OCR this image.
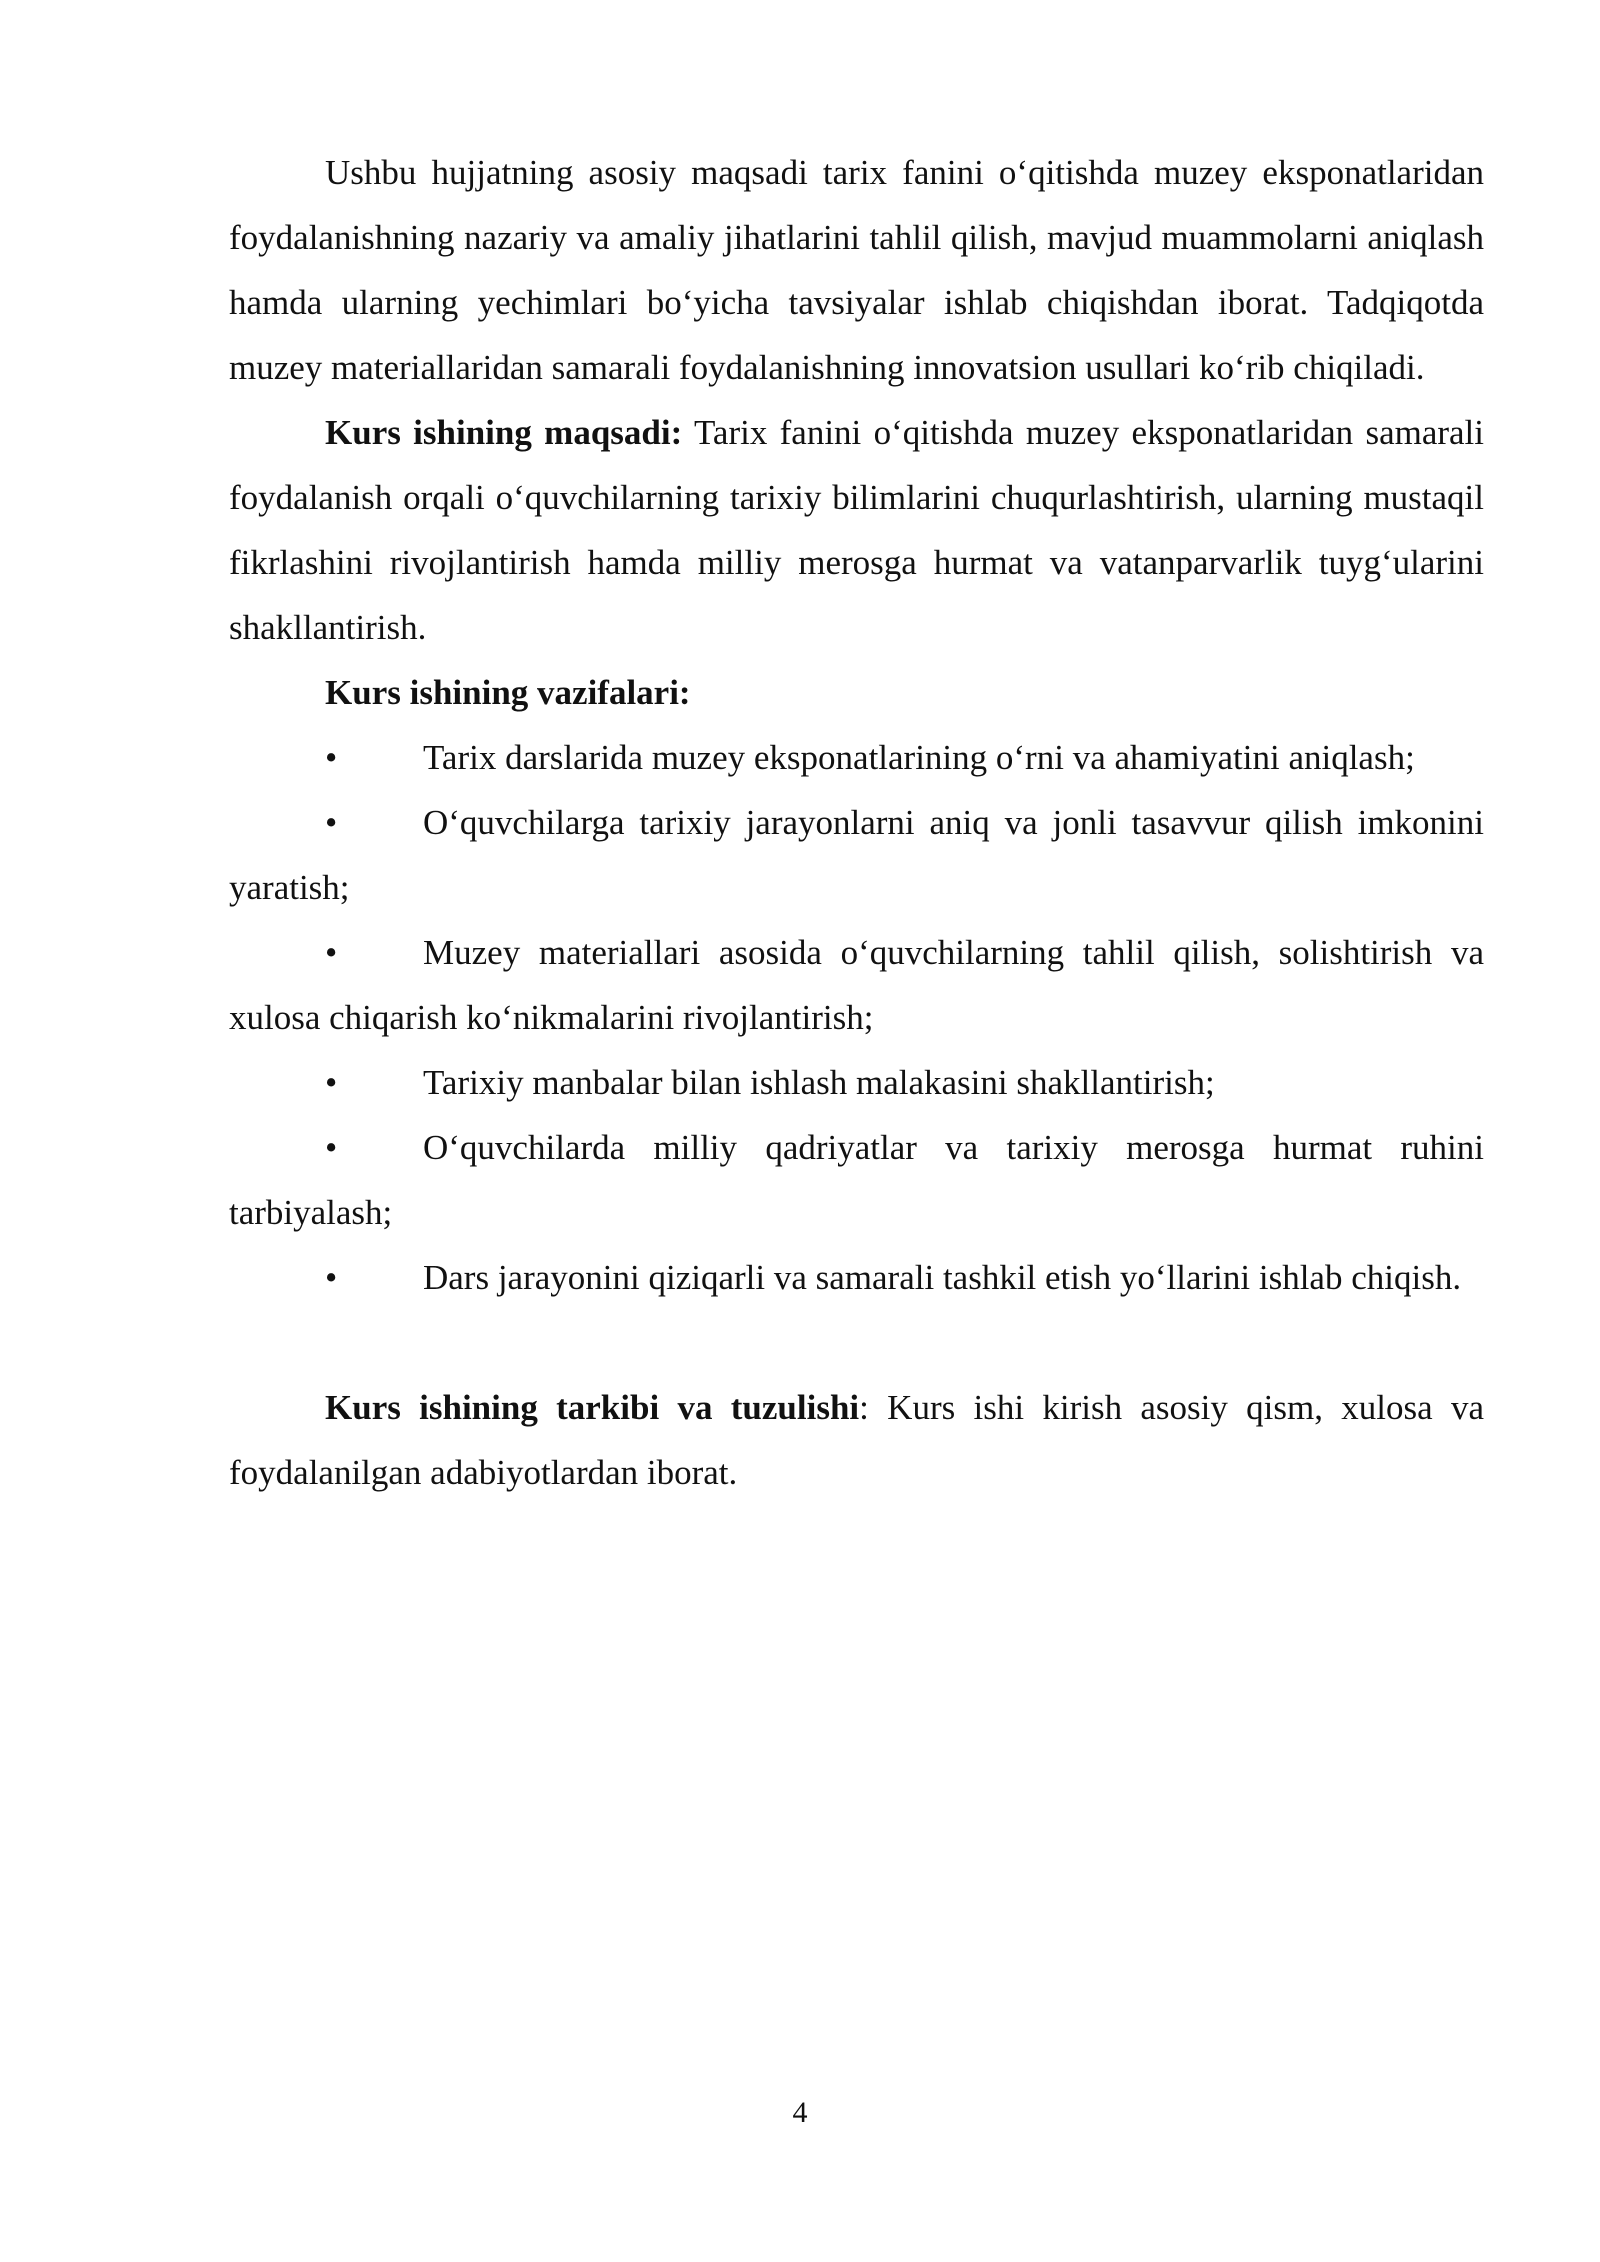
Ushbu hujjatning asosiy maqsadi tarix fanini o‘qitishda muzey eksponatlaridan foydalanishning nazariy va amaliy jihatlarini tahlil qilish, mavjud muammolarni aniqlash hamda ularning yechimlari bo‘yicha tavsiyalar ishlab chiqishdan iborat. Tadqiqotda muzey materiallaridan samarali foydalanishning innovatsion usullari ko‘rib chiqiladi.

Kurs ishining maqsadi: Tarix fanini o‘qitishda muzey eksponatlaridan samarali foydalanish orqali o‘quvchilarning tarixiy bilimlarini chuqurlashtirish, ularning mustaqil fikrlashini rivojlantirish hamda milliy merosga hurmat va vatanparvarlik tuyg‘ularini shakllantirish.

Kurs ishining vazifalari:

• Tarix darslarida muzey eksponatlarining o‘rni va ahamiyatini aniqlash;
• O‘quvchilarga tarixiy jarayonlarni aniq va jonli tasavvur qilish imkonini yaratish;
• Muzey materiallari asosida o‘quvchilarning tahlil qilish, solishtirish va xulosa chiqarish ko‘nikmalarini rivojlantirish;
• Tarixiy manbalar bilan ishlash malakasini shakllantirish;
• O‘quvchilarda milliy qadriyatlar va tarixiy merosga hurmat ruhini tarbiyalash;
• Dars jarayonini qiziqarli va samarali tashkil etish yo‘llarini ishlab chiqish.

Kurs ishining tarkibi va tuzulishi: Kurs ishi kirish asosiy qism, xulosa va foydalanilgan adabiyotlardan iborat.

4
